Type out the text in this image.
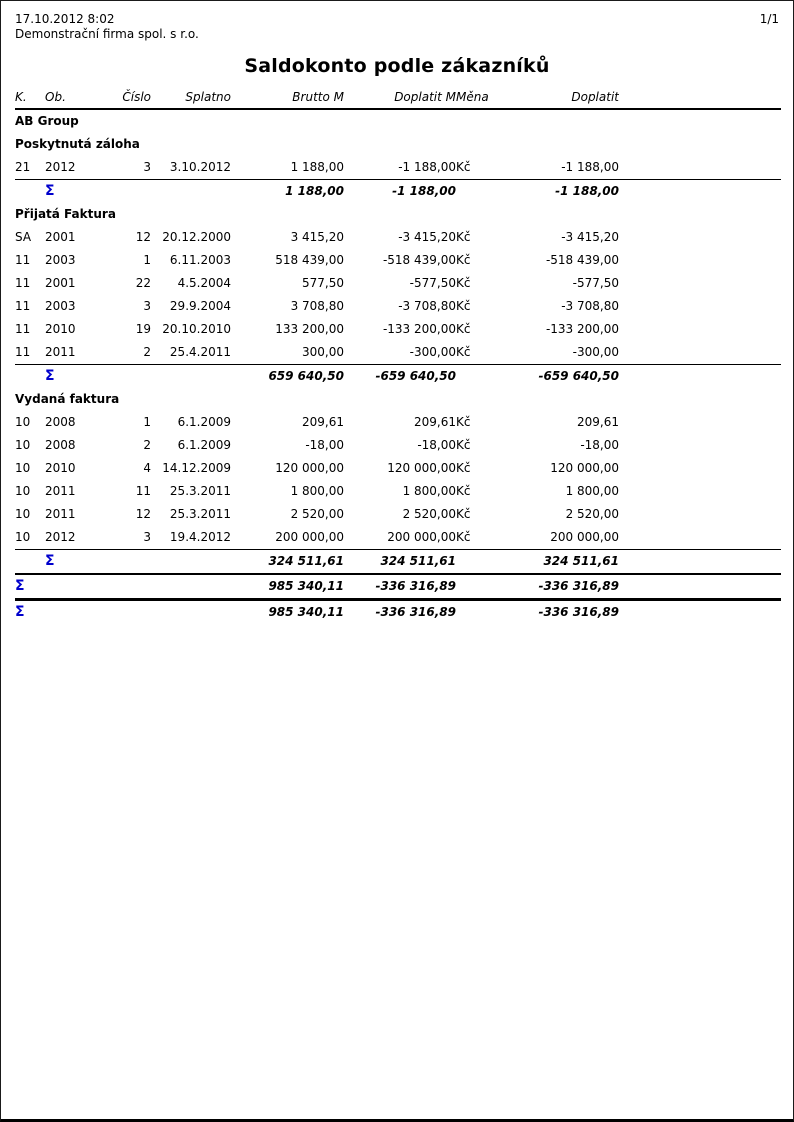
17.10.2012 8:02
Demonstrační firma spol. s r.o.
1/1
Saldokonto podle zákazníků
K.	Ob.	Číslo	Splatno	Brutto M	Doplatit M	Měna	Doplatit	
AB Group								
Poskytnutá záloha								
21	2012	3	3.10.2012	1 188,00	-1 188,00	Kč	-1 188,00	
	Σ			1 188,00	-1 188,00		-1 188,00	
Přijatá Faktura								
SA	2001	12	20.12.2000	3 415,20	-3 415,20	Kč	-3 415,20	
11	2003	1	6.11.2003	518 439,00	-518 439,00	Kč	-518 439,00	
11	2001	22	4.5.2004	577,50	-577,50	Kč	-577,50	
11	2003	3	29.9.2004	3 708,80	-3 708,80	Kč	-3 708,80	
11	2010	19	20.10.2010	133 200,00	-133 200,00	Kč	-133 200,00	
11	2011	2	25.4.2011	300,00	-300,00	Kč	-300,00	
	Σ			659 640,50	-659 640,50		-659 640,50	
Vydaná faktura								
10	2008	1	6.1.2009	209,61	209,61	Kč	209,61	
10	2008	2	6.1.2009	-18,00	-18,00	Kč	-18,00	
10	2010	4	14.12.2009	120 000,00	120 000,00	Kč	120 000,00	
10	2011	11	25.3.2011	1 800,00	1 800,00	Kč	1 800,00	
10	2011	12	25.3.2011	2 520,00	2 520,00	Kč	2 520,00	
10	2012	3	19.4.2012	200 000,00	200 000,00	Kč	200 000,00	
	Σ			324 511,61	324 511,61		324 511,61	
Σ				985 340,11	-336 316,89		-336 316,89	
Σ				985 340,11	-336 316,89		-336 316,89	
